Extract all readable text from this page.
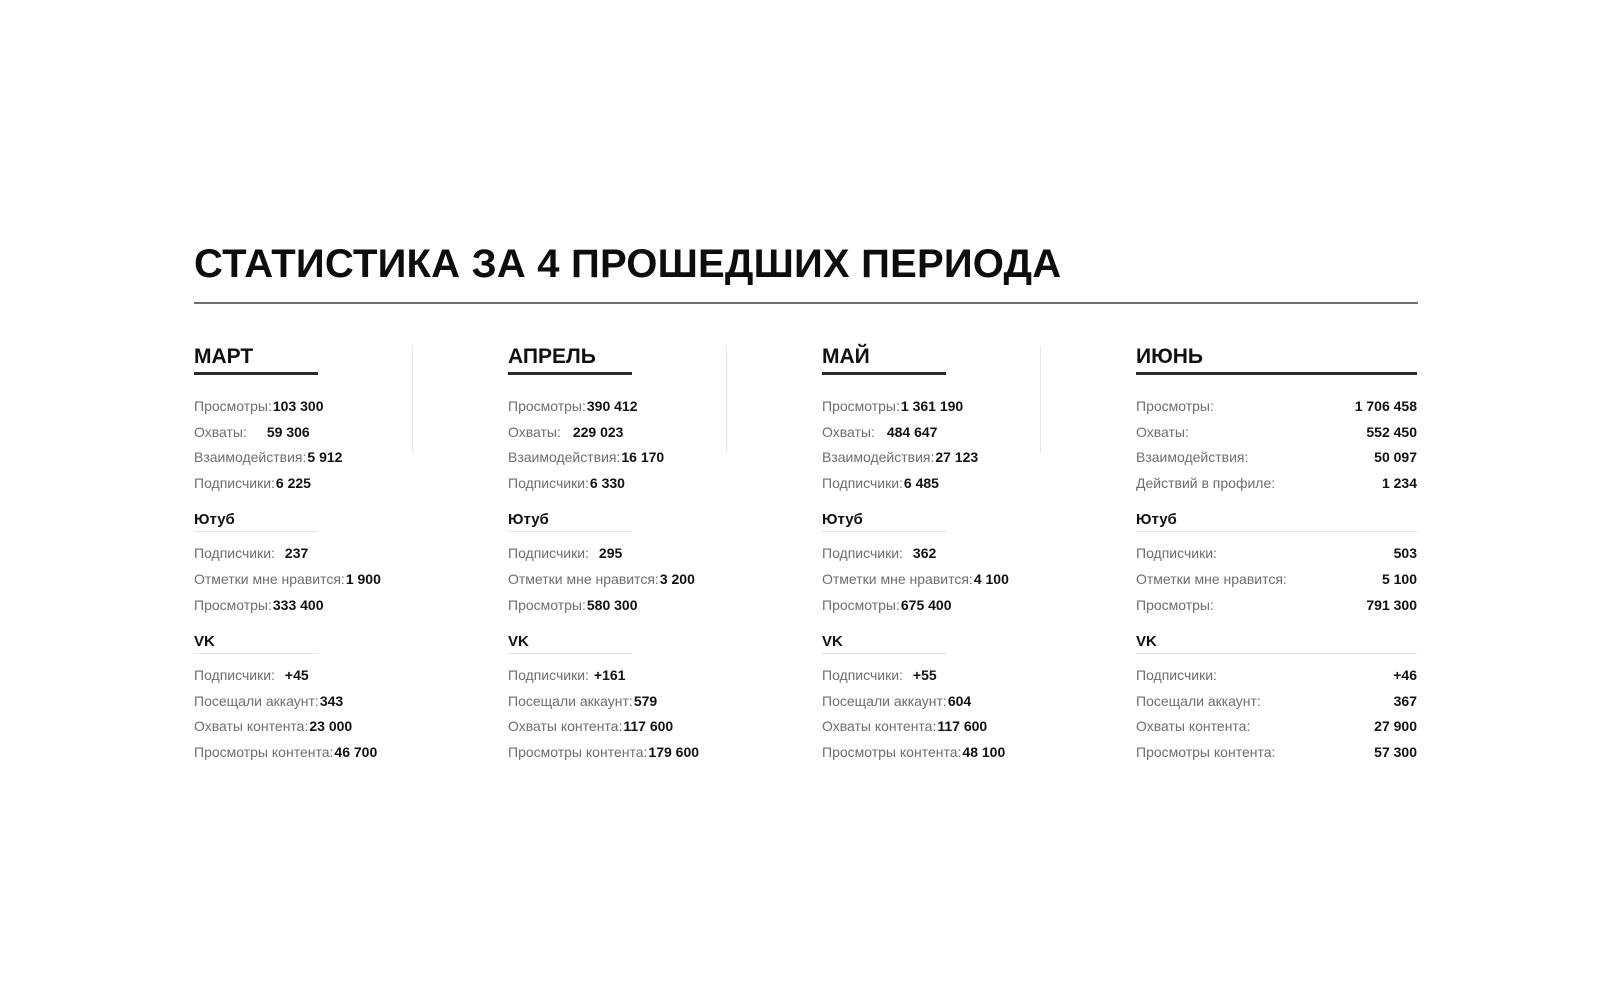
СТАТИСТИКА ЗА 4 ПРОШЕДШИХ ПЕРИОДА
МАРТ
Просмотры: 103 300
Охваты: 59 306
Взаимодействия: 5 912
Подписчики: 6 225
Ютуб
Подписчики: 237
Отметки мне нравится: 1 900
Просмотры: 333 400
VK
Подписчики: +45
Посещали аккаунт: 343
Охваты контента: 23 000
Просмотры контента: 46 700
АПРЕЛЬ
Просмотры: 390 412
Охваты: 229 023
Взаимодействия: 16 170
Подписчики: 6 330
Ютуб
Подписчики: 295
Отметки мне нравится: 3 200
Просмотры: 580 300
VK
Подписчики: +161
Посещали аккаунт: 579
Охваты контента: 117 600
Просмотры контента: 179 600
МАЙ
Просмотры: 1 361 190
Охваты: 484 647
Взаимодействия: 27 123
Подписчики: 6 485
Ютуб
Подписчики: 362
Отметки мне нравится: 4 100
Просмотры: 675 400
VK
Подписчики: +55
Посещали аккаунт: 604
Охваты контента: 117 600
Просмотры контента: 48 100
ИЮНЬ
Просмотры:	1 706 458
Охваты:	552 450
Взаимодействия:	50 097
Действий в профиле:	1 234
Ютуб
Подписчики:	503
Отметки мне нравится:	5 100
Просмотры:	791 300
VK
Подписчики:	+46
Посещали аккаунт:	367
Охваты контента:	27 900
Просмотры контента:	57 300
